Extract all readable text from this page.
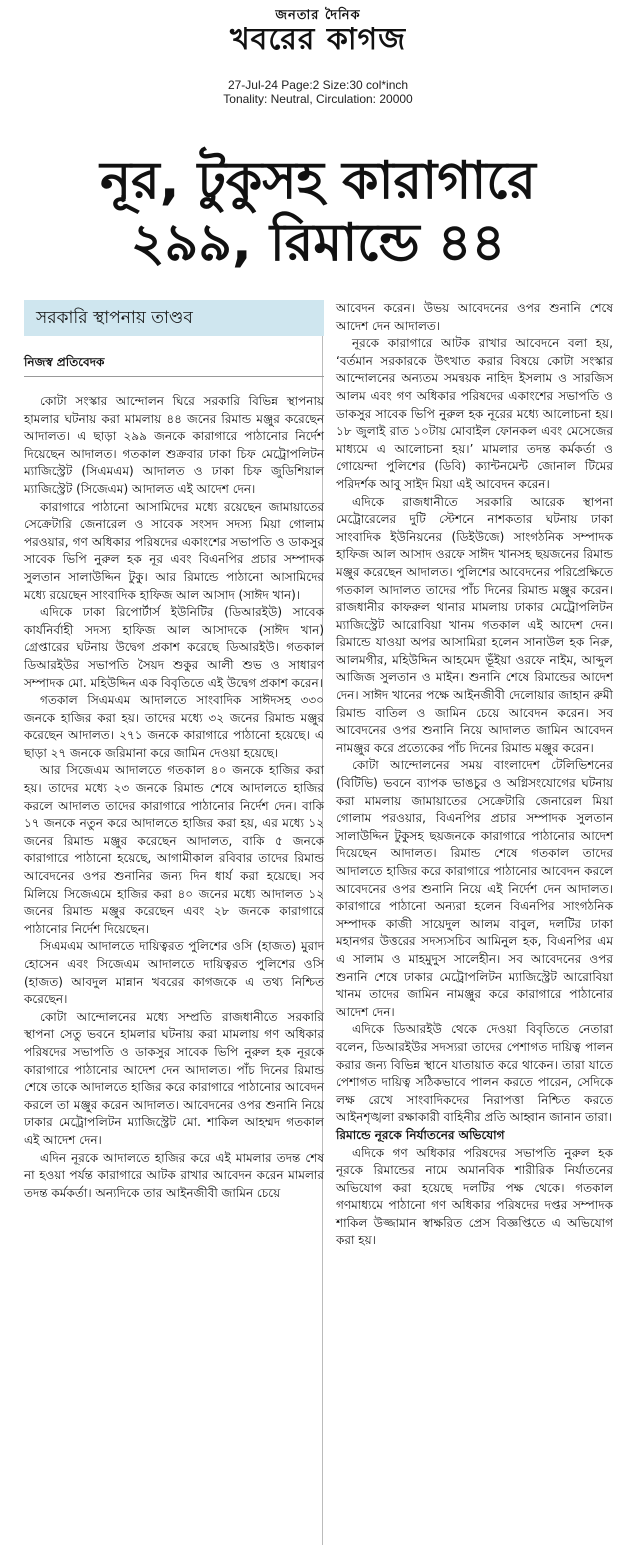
জনতার দৈনিক
খবরের কাগজ
27-Jul-24 Page:2 Size:30 col*inch
Tonality: Neutral, Circulation: 20000
নূর, টুকুসহ কারাগারে
২৯৯, রিমান্ডে ৪৪
সরকারি স্থাপনায় তাণ্ডব
নিজস্ব প্রতিবেদক

কোটা সংস্কার আন্দোলন ঘিরে সরকারি বিভিন্ন স্থাপনায় হামলার ঘটনায় করা মামলায় ৪৪ জনের রিমান্ড মঞ্জুর করেছেন আদালত। এ ছাড়া ২৯৯ জনকে কারাগারে পাঠানোর নির্দেশ দিয়েছেন আদালত। গতকাল শুক্রবার ঢাকা চিফ মেট্রোপলিটন ম্যাজিস্ট্রেট (সিএমএম) আদালত ও ঢাকা চিফ জুডিশিয়াল ম্যাজিস্ট্রেট (সিজেএম) আদালত এই আদেশ দেন।

কারাগারে পাঠানো আসামিদের মধ্যে রয়েছেন জামায়াতের সেক্রেটারি জেনারেল ও সাবেক সংসদ সদস্য মিয়া গোলাম পরওয়ার, গণ অধিকার পরিষদের একাংশের সভাপতি ও ডাকসুর সাবেক ভিপি নুরুল হক নূর এবং বিএনপির প্রচার সম্পাদক সুলতান সালাউদ্দিন টুকু। আর রিমান্ডে পাঠানো আসামিদের মধ্যে রয়েছেন সাংবাদিক হাফিজ আল আসাদ (সাঈদ খান)।

এদিকে ঢাকা রিপোর্টার্স ইউনিটির (ডিআরইউ) সাবেক কার্যনির্বাহী সদস্য হাফিজ আল আসাদকে (সাঈদ খান) গ্রেপ্তারের ঘটনায় উদ্বেগ প্রকাশ করেছে ডিআরইউ। গতকাল ডিআরইউর সভাপতি সৈয়দ শুকুর আলী শুভ ও সাধারণ সম্পাদক মো. মহিউদ্দিন এক বিবৃতিতে এই উদ্বেগ প্রকাশ করেন।

গতকাল সিএমএম আদালতে সাংবাদিক সাঈদসহ ৩৩০ জনকে হাজির করা হয়। তাদের মধ্যে ৩২ জনের রিমান্ড মঞ্জুর করেছেন আদালত। ২৭১ জনকে কারাগারে পাঠানো হয়েছে। এ ছাড়া ২৭ জনকে জরিমানা করে জামিন দেওয়া হয়েছে।

আর সিজেএম আদালতে গতকাল ৪০ জনকে হাজির করা হয়। তাদের মধ্যে ২৩ জনকে রিমান্ড শেষে আদালতে হাজির করলে আদালত তাদের কারাগারে পাঠানোর নির্দেশ দেন। বাকি ১৭ জনকে নতুন করে আদালতে হাজির করা হয়, এর মধ্যে ১২ জনের রিমান্ড মঞ্জুর করেছেন আদালত, বাকি ৫ জনকে কারাগারে পাঠানো হয়েছে, আগামীকাল রবিবার তাদের রিমান্ড আবেদনের ওপর শুনানির জন্য দিন ধার্য করা হয়েছে। সব মিলিয়ে সিজেএমে হাজির করা ৪০ জনের মধ্যে আদালত ১২ জনের রিমান্ড মঞ্জুর করেছেন এবং ২৮ জনকে কারাগারে পাঠানোর নির্দেশ দিয়েছেন।

সিএমএম আদালতে দায়িত্বরত পুলিশের ওসি (হাজত) মুরাদ হোসেন এবং সিজেএম আদালতে দায়িত্বরত পুলিশের ওসি (হাজত) আবদুল মান্নান খবরের কাগজকে এ তথ্য নিশ্চিত করেছেন।

কোটা আন্দোলনের মধ্যে সম্প্রতি রাজধানীতে সরকারি স্থাপনা সেতু ভবনে হামলার ঘটনায় করা মামলায় গণ অধিকার পরিষদের সভাপতি ও ডাকসুর সাবেক ভিপি নুরুল হক নূরকে কারাগারে পাঠানোর আদেশ দেন আদালত। পাঁচ দিনের রিমান্ড শেষে তাকে আদালতে হাজির করে কারাগারে পাঠানোর আবেদন করলে তা মঞ্জুর করেন আদালত। আবেদনের ওপর শুনানি নিয়ে ঢাকার মেট্রোপলিটন ম্যাজিস্ট্রেট মো. শাকিল আহম্মদ গতকাল এই আদেশ দেন।

এদিন নূরকে আদালতে হাজির করে এই মামলার তদন্ত শেষ না হওয়া পর্যন্ত কারাগারে আটক রাখার আবেদন করেন মামলার তদন্ত কর্মকর্তা। অন্যদিকে তার আইনজীবী জামিন চেয়ে

আবেদন করেন। উভয় আবেদনের ওপর শুনানি শেষে আদেশ দেন আদালত।

নূরকে কারাগারে আটক রাখার আবেদনে বলা হয়, ‘বর্তমান সরকারকে উৎখাত করার বিষয়ে কোটা সংস্কার আন্দোলনের অন্যতম সমন্বয়ক নাহিদ ইসলাম ও সারজিস আলম এবং গণ অধিকার পরিষদের একাংশের সভাপতি ও ডাকসুর সাবেক ভিপি নুরুল হক নূরের মধ্যে আলোচনা হয়। ১৮ জুলাই রাত ১০টায় মোবাইল ফোনকল এবং মেসেজের মাধ্যমে এ আলোচনা হয়।’ মামলার তদন্ত কর্মকর্তা ও গোয়েন্দা পুলিশের (ডিবি) ক্যান্টনমেন্ট জোনাল টিমের পরিদর্শক আবু সাইদ মিয়া এই আবেদন করেন।

এদিকে রাজধানীতে সরকারি আরেক স্থাপনা মেট্রোরেলের দুটি স্টেশনে নাশকতার ঘটনায় ঢাকা সাংবাদিক ইউনিয়নের (ডিইউজে) সাংগঠনিক সম্পাদক হাফিজ আল আসাদ ওরফে সাঈদ খানসহ ছয়জনের রিমান্ড মঞ্জুর করেছেন আদালত। পুলিশের আবেদনের পরিপ্রেক্ষিতে গতকাল আদালত তাদের পাঁচ দিনের রিমান্ড মঞ্জুর করেন। রাজধানীর কাফরুল থানার মামলায় ঢাকার মেট্রোপলিটন ম্যাজিস্ট্রেট আরোবিয়া খানম গতকাল এই আদেশ দেন। রিমান্ডে যাওয়া অপর আসামিরা হলেন সানাউল হক নিরু, আলমগীর, মহিউদ্দিন আহমেদ ভূঁইয়া ওরফে নাইম, আব্দুল আজিজ সুলতান ও মাইন। শুনানি শেষে রিমান্ডের আদেশ দেন। সাঈদ খানের পক্ষে আইনজীবী দেলোয়ার জাহান রুমী রিমান্ড বাতিল ও জামিন চেয়ে আবেদন করেন। সব আবেদনের ওপর শুনানি নিয়ে আদালত জামিন আবেদন নামঞ্জুর করে প্রত্যেকের পাঁচ দিনের রিমান্ড মঞ্জুর করেন।

কোটা আন্দোলনের সময় বাংলাদেশ টেলিভিশনের (বিটিভি) ভবনে ব্যাপক ভাঙচুর ও অগ্নিসংযোগের ঘটনায় করা মামলায় জামায়াতের সেক্রেটারি জেনারেল মিয়া গোলাম পরওয়ার, বিএনপির প্রচার সম্পাদক সুলতান সালাউদ্দিন টুকুসহ ছয়জনকে কারাগারে পাঠানোর আদেশ দিয়েছেন আদালত। রিমান্ড শেষে গতকাল তাদের আদালতে হাজির করে কারাগারে পাঠানোর আবেদন করলে আবেদনের ওপর শুনানি নিয়ে এই নির্দেশ দেন আদালত। কারাগারে পাঠানো অন্যরা হলেন বিএনপির সাংগঠনিক সম্পাদক কাজী সায়েদুল আলম বাবুল, দলটির ঢাকা মহানগর উত্তরের সদস্যসচিব আমিনুল হক, বিএনপির এম এ সালাম ও মাহমুদুস সালেহীন। সব আবেদনের ওপর শুনানি শেষে ঢাকার মেট্রোপলিটন ম্যাজিস্ট্রেট আরোবিয়া খানম তাদের জামিন নামঞ্জুর করে কারাগারে পাঠানোর আদেশ দেন।

এদিকে ডিআরইউ থেকে দেওয়া বিবৃতিতে নেতারা বলেন, ডিআরইউর সদস্যরা তাদের পেশাগত দায়িত্ব পালন করার জন্য বিভিন্ন স্থানে যাতায়াত করে থাকেন। তারা যাতে পেশাগত দায়িত্ব সঠিকভাবে পালন করতে পারেন, সেদিকে লক্ষ রেখে সাংবাদিকদের নিরাপত্তা নিশ্চিত করতে আইনশৃঙ্খলা রক্ষাকারী বাহিনীর প্রতি আহ্বান জানান তারা।

রিমান্ডে নূরকে নির্যাতনের অভিযোগ

এদিকে গণ অধিকার পরিষদের সভাপতি নুরুল হক নূরকে রিমান্ডের নামে অমানবিক শারীরিক নির্যাতনের অভিযোগ করা হয়েছে দলটির পক্ষ থেকে। গতকাল গণমাধ্যমে পাঠানো গণ অধিকার পরিষদের দপ্তর সম্পাদক শাকিল উজ্জামান স্বাক্ষরিত প্রেস বিজ্ঞপ্তিতে এ অভিযোগ করা হয়।
